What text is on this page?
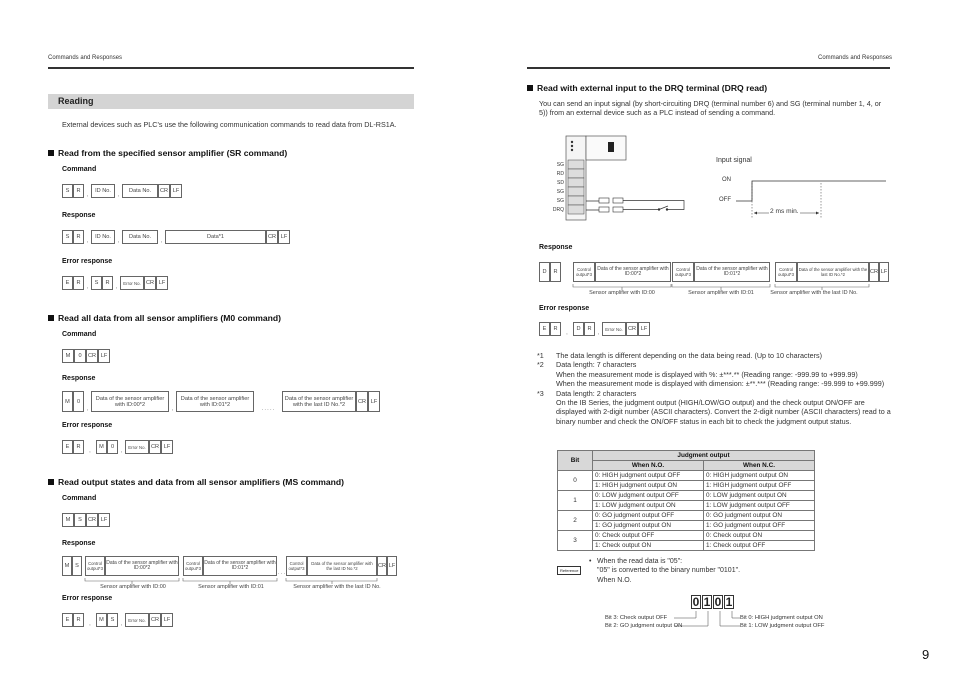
Commands and Responses	Commands and Responses
Reading
External devices such as PLC's use the following communication commands to read data from DL-RS1A.
Read from the specified sensor amplifier (SR command)
Command
S	R
,
ID No.
,
Data No.	CR LF
Response
S	R
,
ID No.
,
Data No.
,
Data*1	CR LF
Error response
E	R
,
S	R
,
Error No. CR LF
Read all data from all sensor amplifiers (M0 command)
Command
M	0	CR LF
Response
M	0
,
Data of the sensor amplifier with ID:00*2
,
Data of the sensor amplifier with ID:01*2
. . . . .
Data of the sensor amplifier with the last ID No.*2	CR LF
Error response
E	R
,
M	0
,
Error No. CR LF
Read output states and data from all sensor amplifiers (MS command)
Command
M	S	CR LF
Response
M	S	Control output*3
Data of the sensor amplifier with ID:00*2
Control output*3
Data of the sensor amplifier with ID:01*2
. . .
Control output*3
Data of the sensor amplifier with the last ID No.*2	CR LF
Sensor amplifier with ID:00	Sensor amplifier with ID:01	Sensor amplifier with the last ID No.
Error response
E	R
,
M	S
,
Error No. CR LF
Read with external input to the DRQ terminal (DRQ read)
You can send an input signal (by short-circuiting DRQ (terminal number 6) and SG (terminal number 1, 4, or 5)) from an external device such as a PLC instead of sending a command.
SG
RD
SD
SG
SG
DRQ
Input signal
ON
OFF
2 ms min.
Response
D	R	Control output*3
Data of the sensor amplifier with ID:00*2
Control output*3
Data of the sensor amplifier with ID:01*2
Control output*3
Data of the sensor amplifier with the last ID No.*2	CR LF
Sensor amplifier with ID:00	Sensor amplifier with ID:01	Sensor amplifier with the last ID No.
Error response
E	R
,
D	R
,
Error No. CR LF
*1	The data length is different depending on the data being read. (Up to 10 characters)
*2	Data length: 7 characters
When the measurement mode is displayed with %: ±***.** (Reading range: -999.99 to +999.99)
When the measurement mode is displayed with dimension: ±**.*** (Reading range: -99.999 to +99.999)
*3	Data length: 2 characters
On the IB Series, the judgment output (HIGH/LOW/GO output) and the check output ON/OFF are displayed with 2-digit number (ASCII characters). Convert the 2-digit number (ASCII characters) read to a binary number and check the ON/OFF status in each bit to check the judgment output status.
Bit	Judgment output	
	When N.O.	When N.C.
0	0: HIGH judgment output OFF	0: HIGH judgment output ON
	1: HIGH judgment output ON	1: HIGH judgment output OFF
1	0: LOW judgment output OFF	0: LOW judgment output ON
	1: LOW judgment output ON	1: LOW judgment output OFF
2	0: GO judgment output OFF	0: GO judgment output ON
	1: GO judgment output ON	1: GO judgment output OFF
3	0: Check output OFF	0: Check output ON
	1: Check output ON	1: Check output OFF
Reference
• When the read data is "05":
"05" is converted to the binary number "0101".
When N.O.
0 1 0 1
Bit 3: Check output OFF
Bit 2: GO judgment output ON
Bit 0: HIGH judgment output ON
Bit 1: LOW judgment output OFF
9
